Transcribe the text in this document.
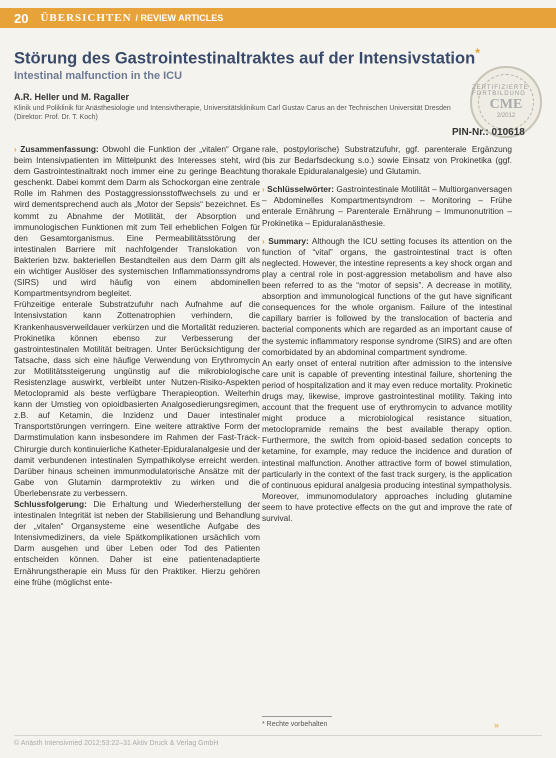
20 ÜBERSICHTEN / REVIEW ARTICLES
Störung des Gastrointestinaltraktes auf der Intensivstation*
Intestinal malfunction in the ICU
A.R. Heller und M. Ragaller
Klinik und Poliklinik für Anästhesiologie und Intensivtherapie, Universitätsklinikum Carl Gustav Carus an der Technischen Universität Dresden (Direktor: Prof. Dr. T. Koch)
ZERTIFIZIERTE FORTBILDUNG
CME
2/2012
PIN-Nr.: 010618

› Zusammenfassung: Obwohl die Funktion der „vitalen“ Organe beim Intensivpatienten im Mittelpunkt des Interesses steht, wird dem Gastrointestinaltrakt noch immer eine zu geringe Beachtung geschenkt. Dabei kommt dem Darm als Schockorgan eine zentrale Rolle im Rahmen des Postaggressionsstoffwechsels zu und er wird dementsprechend auch als „Motor der Sepsis“ bezeichnet. Es kommt zu Abnahme der Motilität, der Absorption und immunologischen Funktionen mit zum Teil erheblichen Folgen für den Gesamtorganismus. Eine Permeabilitätsstörung der intestinalen Barriere mit nachfolgender Translokation von Bakterien bzw. bakteriellen Bestandteilen aus dem Darm gilt als ein wichtiger Auslöser des systemischen Inflammationssyndroms (SIRS) und wird häufig von einem abdominellen Kompartmentsyndrom begleitet.

Frühzeitige enterale Substratzufuhr nach Aufnahme auf die Intensivstation kann Zottenatrophien verhindern, die Krankenhausverweildauer verkürzen und die Mortalität reduzieren. Prokinetika können ebenso zur Verbesserung der gastrointestinalen Motilität beitragen. Unter Berücksichtigung der Tatsache, dass sich eine häufige Verwendung von Erythromycin zur Motilitätssteigerung ungünstig auf die mikrobiologische Resistenzlage auswirkt, verbleibt unter Nutzen-Risiko-Aspekten Metoclopramid als beste verfügbare Therapieoption. Weiterhin kann der Umstieg von opioidbasierten Analgosedierungsregimen, z.B. auf Ketamin, die Inzidenz und Dauer intestinaler Transportstörungen verringern. Eine weitere attraktive Form der Darmstimulation kann insbesondere im Rahmen der Fast-Track-Chirurgie durch kontinuierliche Katheter-Epiduralanalgesie und der damit verbundenen intestinalen Sympathikolyse erreicht werden. Darüber hinaus scheinen immunmodulatorische Ansätze mit der Gabe von Glutamin darmprotektiv zu wirken und die Überlebensrate zu verbessern.

Schlussfolgerung: Die Erhaltung und Wiederherstellung der intestinalen Integrität ist neben der Stabilisierung und Behandlung der „vitalen“ Organsysteme eine wesentliche Aufgabe des Intensivmediziners, da viele Spätkomplikationen ursächlich vom Darm ausgehen und über Leben oder Tod des Patienten entscheiden können. Daher ist eine patientenadaptierte Ernährungstherapie ein Muss für den Praktiker. Hierzu gehören eine frühe (möglichst ente-

rale, postpylorische) Substratzufuhr, ggf. parenterale Ergänzung (bis zur Bedarfsdeckung s.o.) sowie Einsatz von Prokinetika (ggf. thorakale Epiduralanalgesie) und Glutamin.

› Schlüsselwörter: Gastrointestinale Motilität – Multiorganversagen – Abdominelles Kompartmentsyndrom – Monitoring – Frühe enterale Ernährung – Parenterale Ernährung – Immunonutrition – Prokinetika – Epiduralanästhesie.

› Summary: Although the ICU setting focuses its attention on the function of “vital” organs, the gastrointestinal tract is often neglected. However, the intestine represents a key shock organ and play a central role in post-aggression metabolism and have also been referred to as the “motor of sepsis”. A decrease in motility, absorption and immunological functions of the gut have significant consequences for the whole organism. Failure of the intestinal capillary barrier is followed by the translocation of bacteria and bacterial components which are regarded as an important cause of the systemic inflammatory response syndrome (SIRS) and are often comorbidated by an abdominal compartment syndrome.

An early onset of enteral nutrition after admission to the intensive care unit is capable of preventing intestinal failure, shortening the period of hospitalization and it may even reduce mortality. Prokinetic drugs may, likewise, improve gastrointestinal motility. Taking into account that the frequent use of erythromycin to advance motility might produce a microbiological resistance situation, metoclopramide remains the best available therapy option. Furthermore, the switch from opioid-based sedation concepts to ketamine, for example, may reduce the incidence and duration of intestinal malfunction. Another attractive form of bowel stimulation, particularly in the context of the fast track surgery, is the application of continuous epidural analgesia producing intestinal sympatholysis. Moreover, immunomodulatory approaches including glutamine seem to have protective effects on the gut and improve the rate of survival.

* Rechte vorbehalten	»
© Anästh Intensivmed 2012;53:22–31 Aktiv Druck & Verlag GmbH
